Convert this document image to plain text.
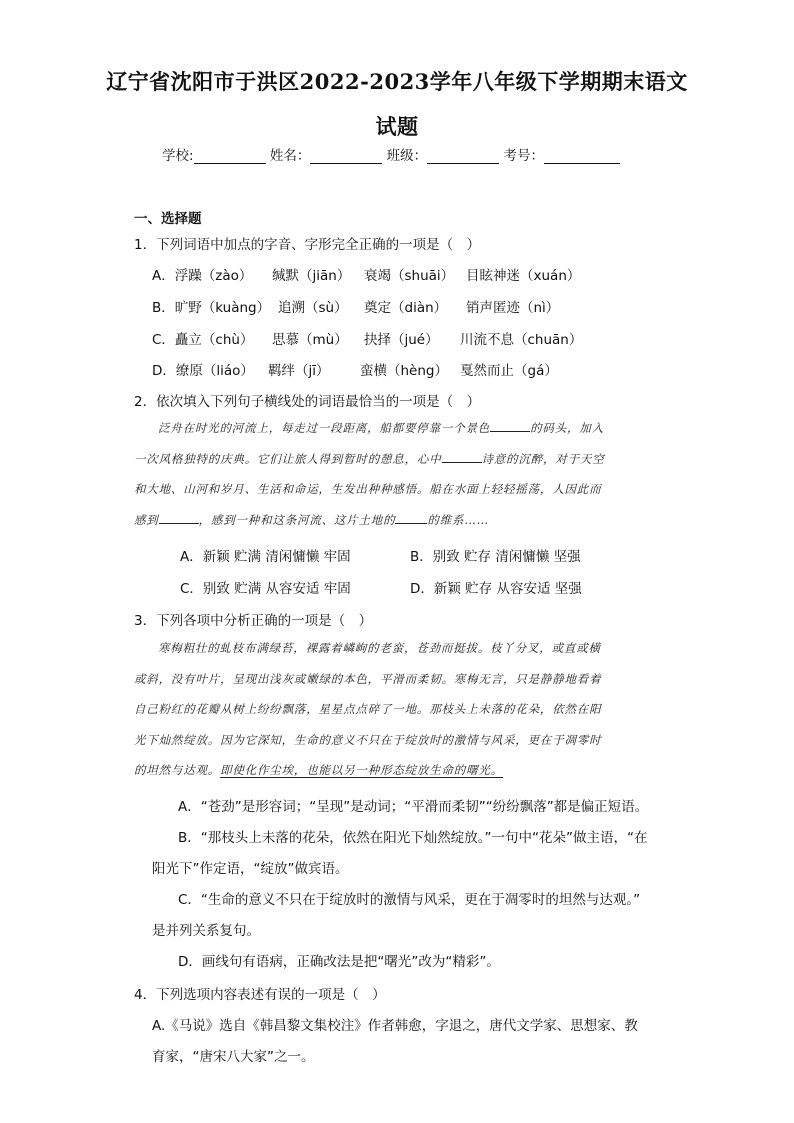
辽宁省沈阳市于洪区2022-2023学年八年级下学期期末语文
试题
学校:	姓名：	班级：	考号：
一、选择题
1．下列词语中加点的字音、字形完全正确的一项是（　）
A．浮躁（zào） 缄默（jiān） 衰竭（shuāi） 目眩神迷（xuán）
B．旷野（kuàng） 追溯（sù） 奠定（diàn） 销声匿迹（nì）
C．矗立（chù） 思慕（mù） 抉择（jué） 川流不息（chuān）
D．缭原（liáo） 羁绊（jī） 蛮横（hèng） 戛然而止（gá）
2．依次填入下列句子横线处的词语最恰当的一项是（　）
泛舟在时光的河流上，每走过一段距离，船都要停靠一个景色	的码头，加入
一次风格独特的庆典。它们让旅人得到暂时的憩息，心中	诗意的沉醉，对于天空
和大地、山河和岁月、生活和命运，生发出种种感悟。船在水面上轻轻摇荡，人因此而
感到	，感到一种和这条河流、这片土地的	的维系……
A．新颖 贮满 清闲慵懒 牢固	B．别致 贮存 清闲慵懒 坚强
C．别致 贮满 从容安适 牢固	D．新颖 贮存 从容安适 坚强
3．下列各项中分析正确的一项是（　）
寒梅粗壮的虬枝布满绿苔，裸露着嶙峋的老蛮，苍劲而挺拔。枝丫分叉，或直或横
或斜，没有叶片，呈现出浅灰或嫩绿的本色，平滑而柔韧。寒梅无言，只是静静地看着
自己粉红的花瓣从树上纷纷飘落，星星点点碎了一地。那枝头上未落的花朵，依然在阳
光下灿然绽放。因为它深知，生命的意义不只在于绽放时的激情与风采，更在于凋零时
的坦然与达观。即使化作尘埃，也能以另一种形态绽放生命的曙光。
A．“苍劲”是形容词；“呈现”是动词；“平滑而柔韧”“纷纷飘落”都是偏正短语。
B．“那枝头上未落的花朵，依然在阳光下灿然绽放。”一句中“花朵”做主语，“在
阳光下”作定语，“绽放”做宾语。
C．“生命的意义不只在于绽放时的激情与风采，更在于凋零时的坦然与达观。”
是并列关系复句。
D．画线句有语病，正确改法是把“曙光”改为“精彩”。
4．下列选项内容表述有误的一项是（　）
A.《马说》选自《韩昌黎文集校注》作者韩愈，字退之，唐代文学家、思想家、教
育家，“唐宋八大家”之一。
